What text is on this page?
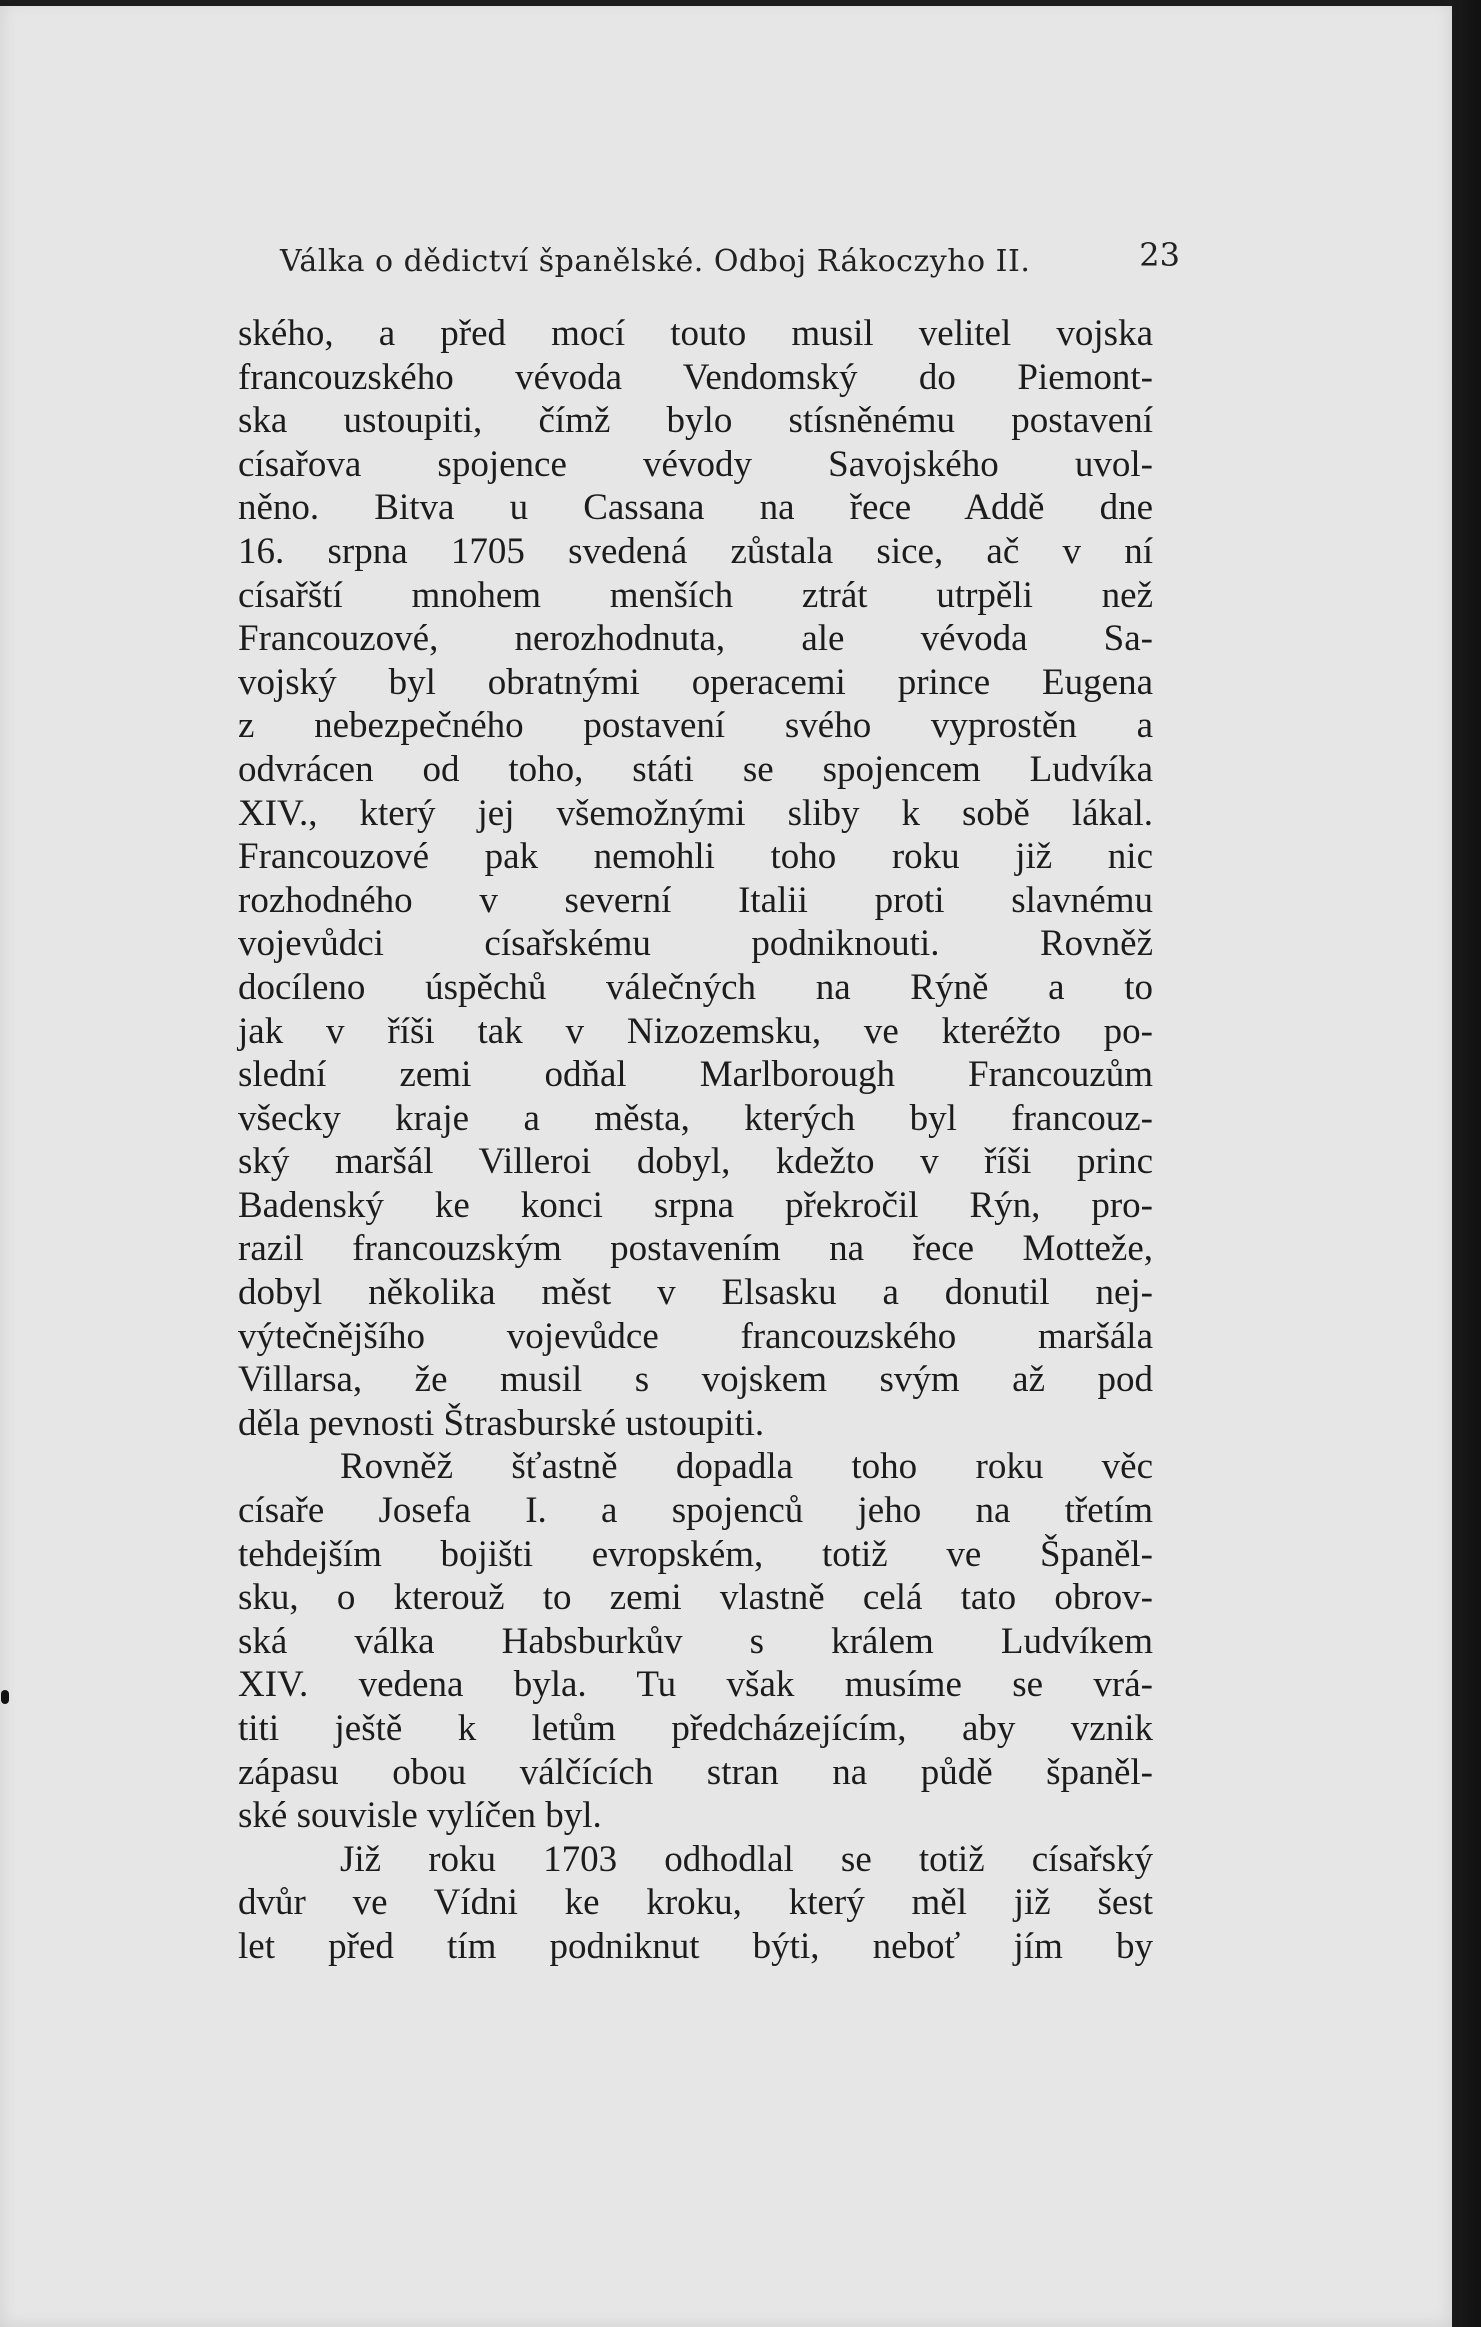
Válka o dědictví španělské. Odboj Rákoczyho II.	23
ského, a před mocí touto musil velitel vojska
francouzského vévoda Vendomský do Piemont-
ska ustoupiti, čímž bylo stísněnému postavení
císařova spojence vévody Savojského uvol-
něno. Bitva u Cassana na řece Addě dne
16. srpna 1705 svedená zůstala sice, ač v ní
císařští mnohem menších ztrát utrpěli než
Francouzové, nerozhodnuta, ale vévoda Sa-
vojský byl obratnými operacemi prince Eugena
z nebezpečného postavení svého vyprostěn a
odvrácen od toho, státi se spojencem Ludvíka
XIV., který jej všemožnými sliby k sobě lákal.
Francouzové pak nemohli toho roku již nic
rozhodného v severní Italii proti slavnému
vojevůdci císařskému podniknouti. Rovněž
docíleno úspěchů válečných na Rýně a to
jak v říši tak v Nizozemsku, ve kteréžto po-
slední zemi odňal Marlborough Francouzům
všecky kraje a města, kterých byl francouz-
ský maršál Villeroi dobyl, kdežto v říši princ
Badenský ke konci srpna překročil Rýn, pro-
razil francouzským postavením na řece Motteže,
dobyl několika měst v Elsasku a donutil nej-
výtečnějšího vojevůdce francouzského maršála
Villarsa, že musil s vojskem svým až pod
děla pevnosti Štrasburské ustoupiti.
Rovněž šťastně dopadla toho roku věc
císaře Josefa I. a spojenců jeho na třetím
tehdejším bojišti evropském, totiž ve Španěl-
sku, o kterouž to zemi vlastně celá tato obrov-
ská válka Habsburkův s králem Ludvíkem
XIV. vedena byla. Tu však musíme se vrá-
titi ještě k letům předcházejícím, aby vznik
zápasu obou válčících stran na půdě španěl-
ské souvisle vylíčen byl.
Již roku 1703 odhodlal se totiž císařský
dvůr ve Vídni ke kroku, který měl již šest
let před tím podniknut býti, neboť jím by
